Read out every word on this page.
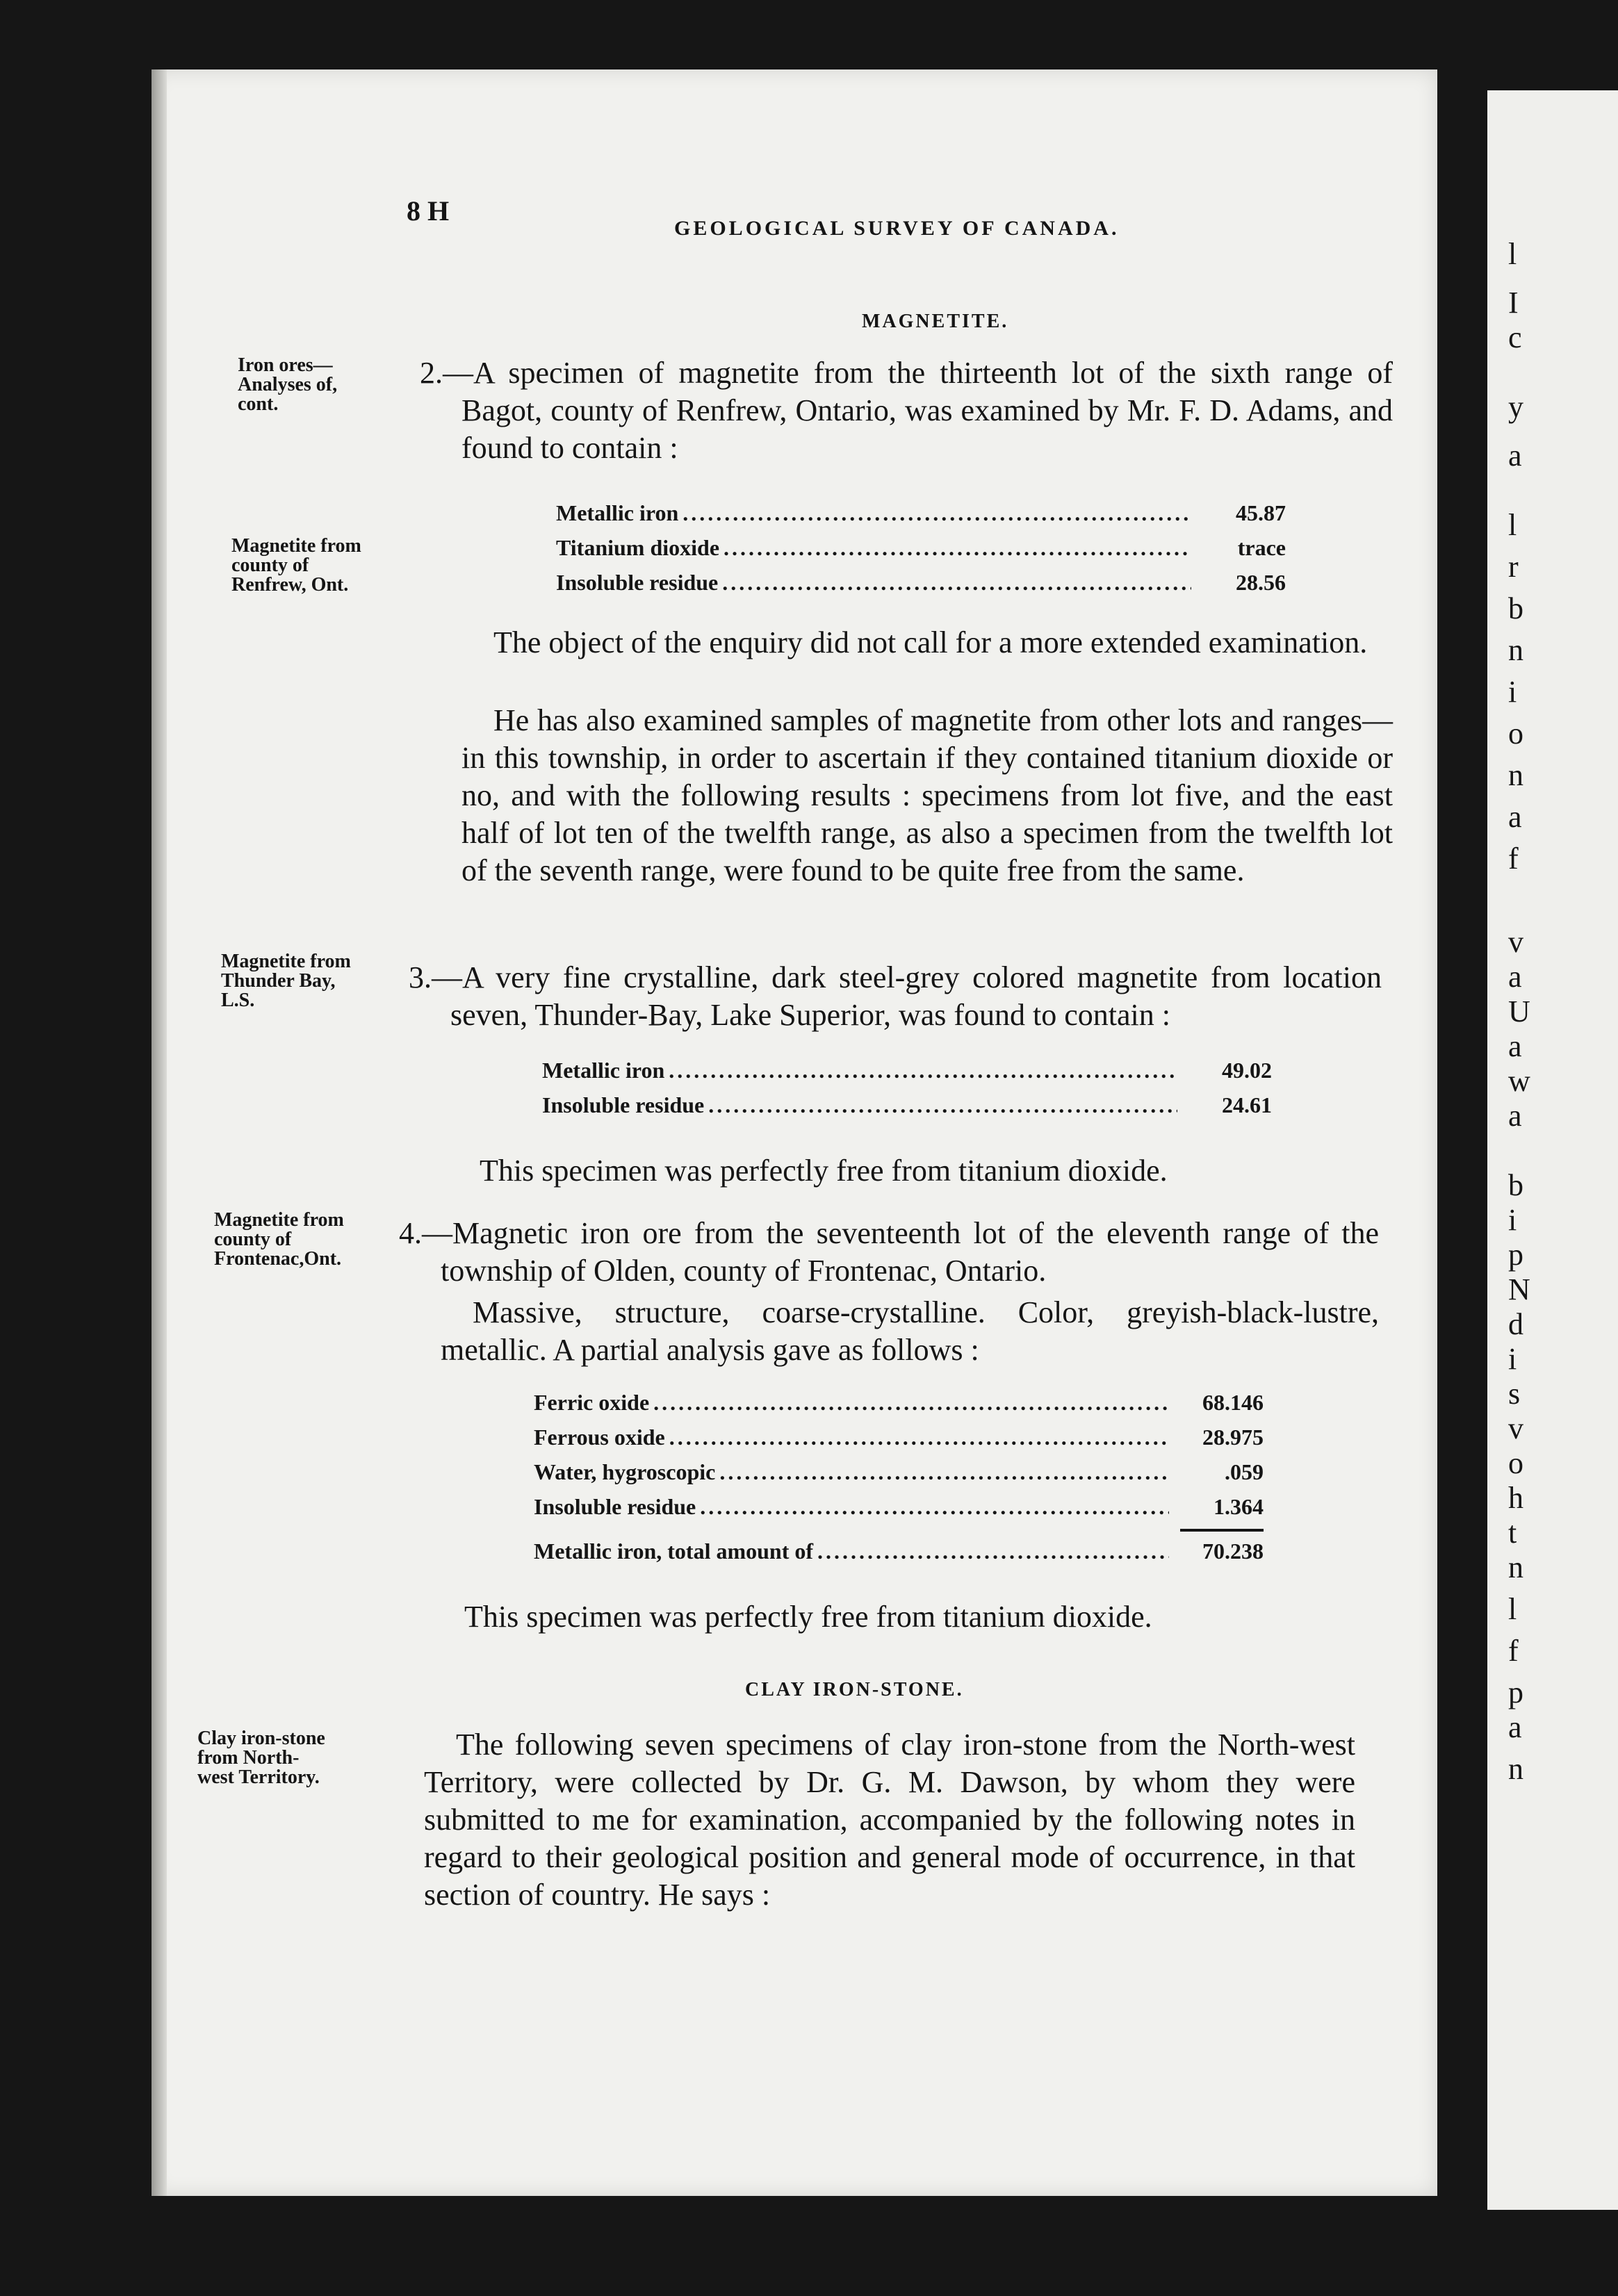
l
I
c
y
a
l
r
b
n
i
o
n
a
f
v
a
U
a
w
a
b
i
p
N
d
i
s
v
o
h
t
n
l
f
p
a
n
8 H
GEOLOGICAL SURVEY OF CANADA.
MAGNETITE.
Iron ores—
Analyses of,
cont.
Magnetite from
county of
Renfrew, Ont.
Magnetite from
Thunder Bay,
L.S.
Magnetite from
county of
Frontenac,Ont.
Clay iron-stone
from North-
west Territory.
2.—A specimen of magnetite from the thirteenth lot of the sixth range of Bagot, county of Renfrew, Ontario, was examined by Mr. F. D. Adams, and found to contain :
Metallic iron .....	45.87
Titanium dioxide .....	trace
Insoluble residue .....	28.56
The object of the enquiry did not call for a more extended examination.
He has also examined samples of magnetite from other lots and ranges—in this township, in order to ascertain if they contained titanium dioxide or no, and with the following results : specimens from lot five, and the east half of lot ten of the twelfth range, as also a specimen from the twelfth lot of the seventh range, were found to be quite free from the same.
3.—A very fine crystalline, dark steel-grey colored magnetite from location seven, Thunder-Bay, Lake Superior, was found to contain :
Metallic iron .....	49.02
Insoluble residue .....	24.61
This specimen was perfectly free from titanium dioxide.
4.—Magnetic iron ore from the seventeenth lot of the eleventh range of the township of Olden, county of Frontenac, Ontario.
Massive, structure, coarse-crystalline. Color, greyish-black-lustre, metallic. A partial analysis gave as follows :
Ferric oxide .....	68.146
Ferrous oxide .....	28.975
Water, hygroscopic .....	.059
Insoluble residue .....	1.364
Metallic iron, total amount of .....	70.238
This specimen was perfectly free from titanium dioxide.
CLAY IRON-STONE.
The following seven specimens of clay iron-stone from the North-west Territory, were collected by Dr. G. M. Dawson, by whom they were submitted to me for examination, accompanied by the following notes in regard to their geological position and general mode of occurrence, in that section of country. He says :
